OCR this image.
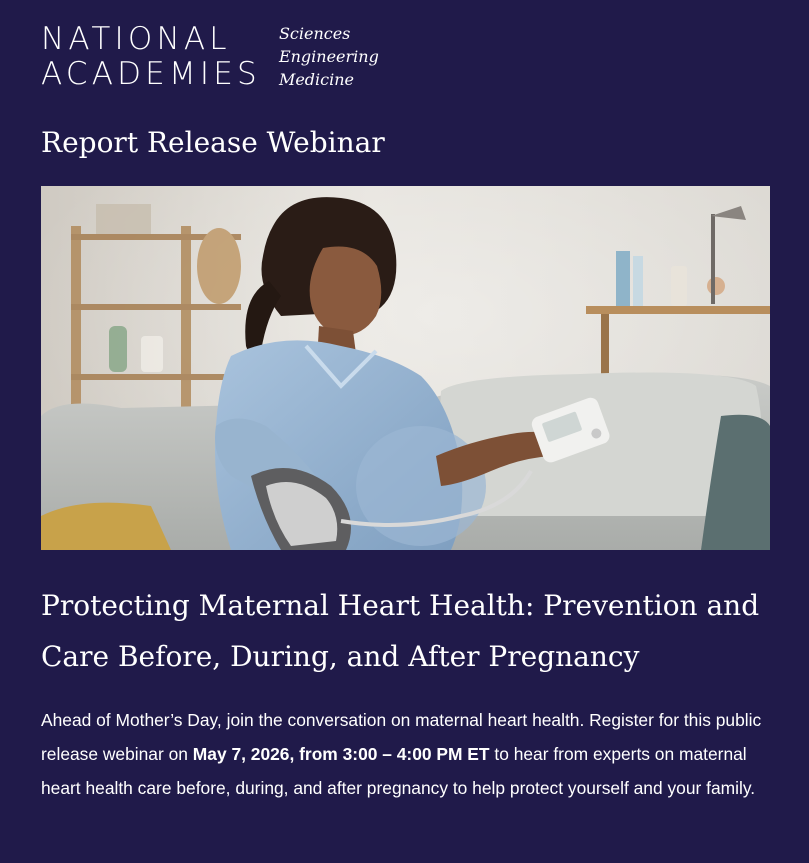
NATIONAL
ACADEMIES
Sciences
Engineering
Medicine
Report Release Webinar
Protecting Maternal Heart Health: Prevention and Care Before, During, and After Pregnancy

Ahead of Mother’s Day, join the conversation on maternal heart health. Register for this public release webinar on May 7, 2026, from 3:00 – 4:00 PM ET to hear from experts on maternal heart health care before, during, and after pregnancy to help protect yourself and your family.
